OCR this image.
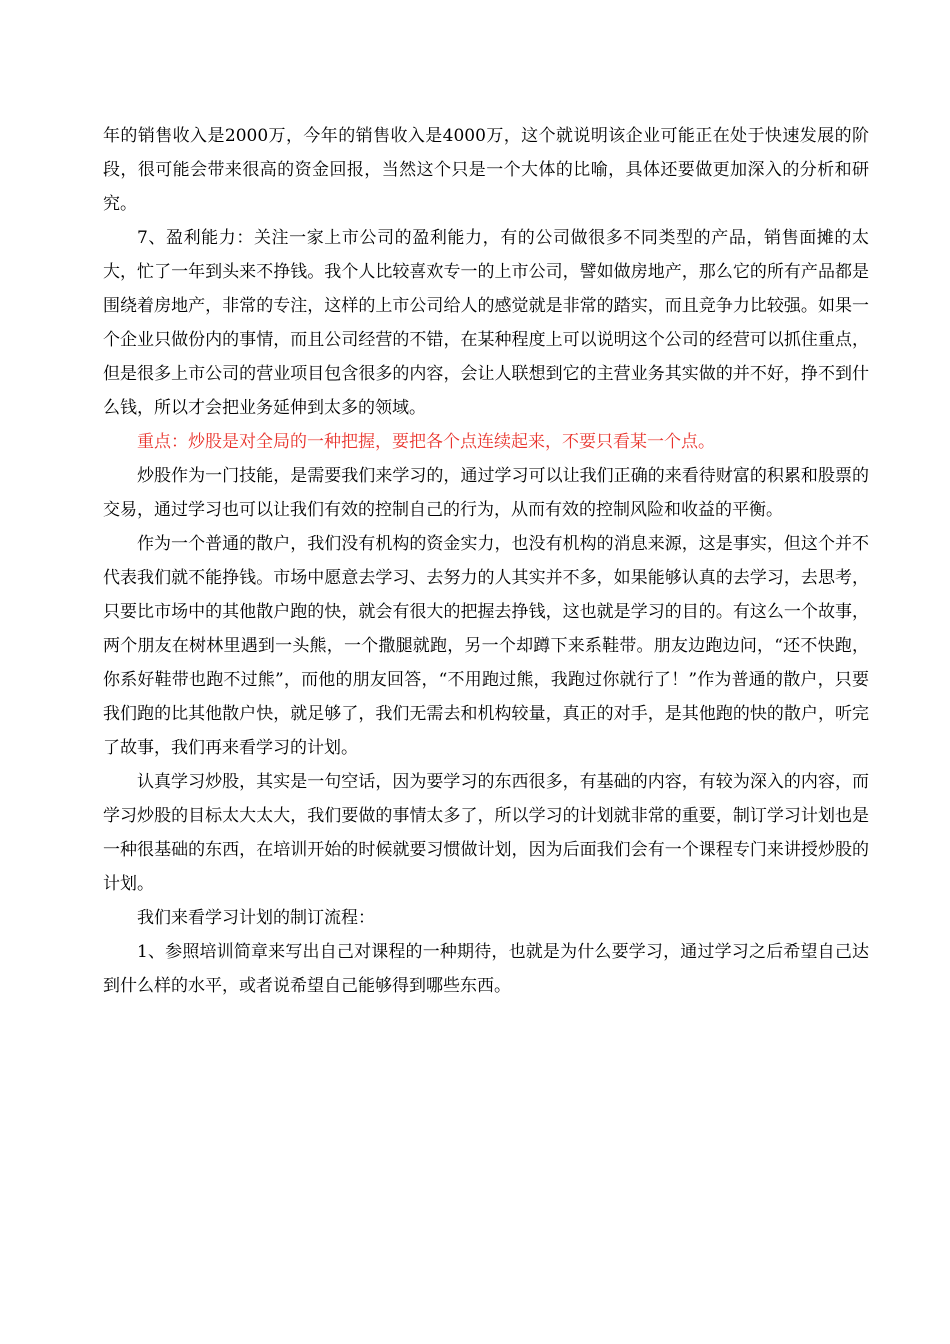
年的销售收入是2000万，今年的销售收入是4000万，这个就说明该企业可能正在处于快速发展的阶段，很可能会带来很高的资金回报，当然这个只是一个大体的比喻，具体还要做更加深入的分析和研究。

7、盈利能力：关注一家上市公司的盈利能力，有的公司做很多不同类型的产品，销售面摊的太大，忙了一年到头来不挣钱。我个人比较喜欢专一的上市公司，譬如做房地产，那么它的所有产品都是围绕着房地产，非常的专注，这样的上市公司给人的感觉就是非常的踏实，而且竞争力比较强。如果一个企业只做份内的事情，而且公司经营的不错，在某种程度上可以说明这个公司的经营可以抓住重点，但是很多上市公司的营业项目包含很多的内容，会让人联想到它的主营业务其实做的并不好，挣不到什么钱，所以才会把业务延伸到太多的领域。

重点：炒股是对全局的一种把握，要把各个点连续起来，不要只看某一个点。

炒股作为一门技能，是需要我们来学习的，通过学习可以让我们正确的来看待财富的积累和股票的交易，通过学习也可以让我们有效的控制自己的行为，从而有效的控制风险和收益的平衡。

作为一个普通的散户，我们没有机构的资金实力，也没有机构的消息来源，这是事实，但这个并不代表我们就不能挣钱。市场中愿意去学习、去努力的人其实并不多，如果能够认真的去学习，去思考，只要比市场中的其他散户跑的快，就会有很大的把握去挣钱，这也就是学习的目的。有这么一个故事，两个朋友在树林里遇到一头熊，一个撒腿就跑，另一个却蹲下来系鞋带。朋友边跑边问，“还不快跑，你系好鞋带也跑不过熊”，而他的朋友回答，“不用跑过熊，我跑过你就行了！”作为普通的散户，只要我们跑的比其他散户快，就足够了，我们无需去和机构较量，真正的对手，是其他跑的快的散户，听完了故事，我们再来看学习的计划。

认真学习炒股，其实是一句空话，因为要学习的东西很多，有基础的内容，有较为深入的内容，而学习炒股的目标太大太大，我们要做的事情太多了，所以学习的计划就非常的重要，制订学习计划也是一种很基础的东西，在培训开始的时候就要习惯做计划，因为后面我们会有一个课程专门来讲授炒股的计划。

我们来看学习计划的制订流程：

1、参照培训简章来写出自己对课程的一种期待，也就是为什么要学习，通过学习之后希望自己达到什么样的水平，或者说希望自己能够得到哪些东西。
